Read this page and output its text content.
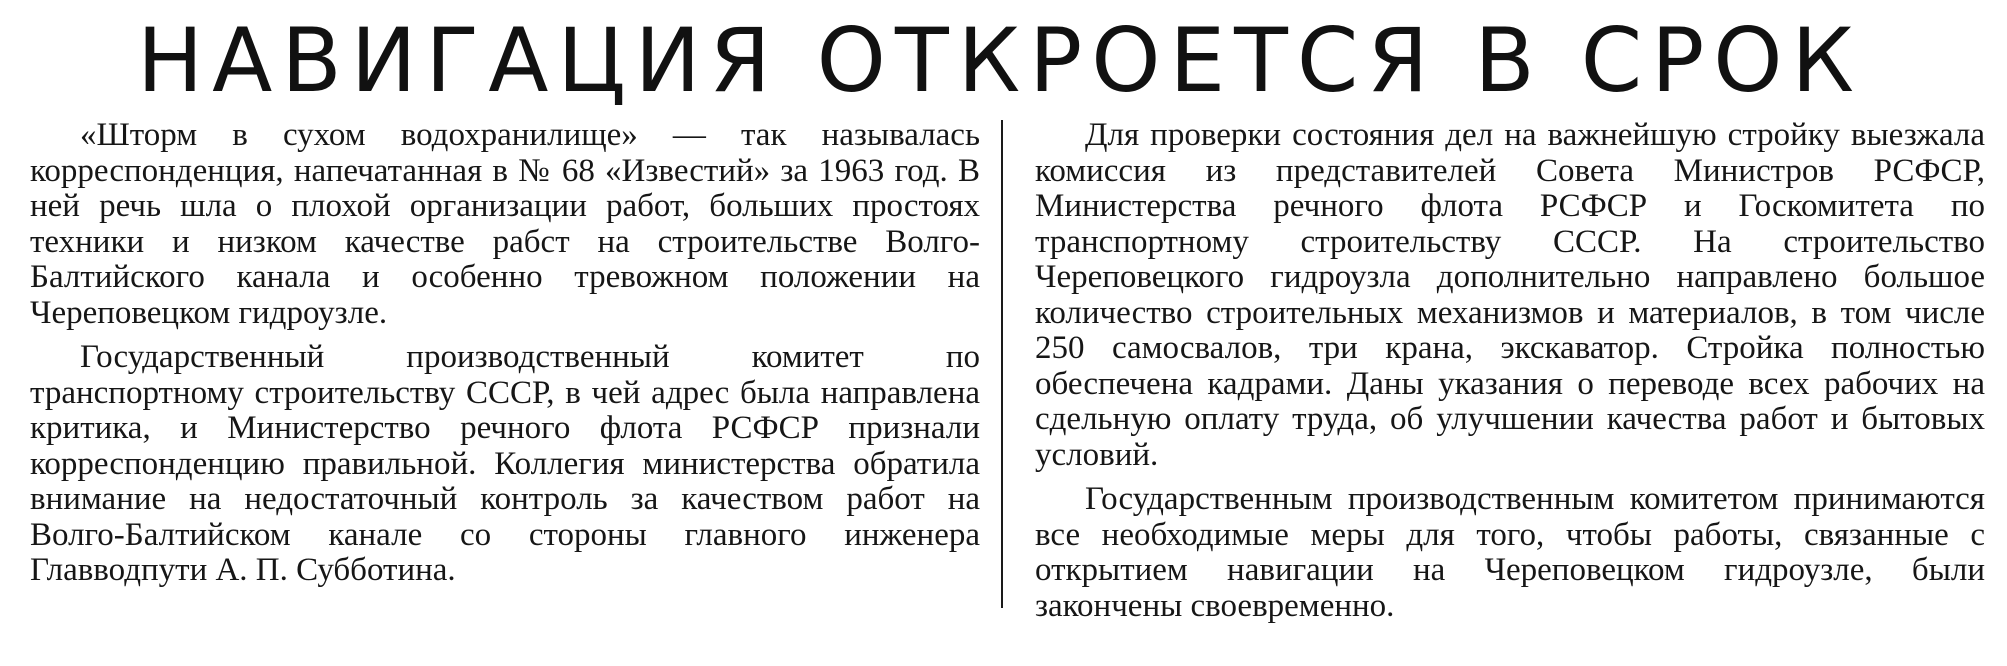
НАВИГАЦИЯ ОТКРОЕТСЯ В СРОК

«Шторм в сухом водохранилище» — так называлась корреспонденция, напечатанная в № 68 «Известий» за 1963 год. В ней речь шла о плохой организации работ, больших простоях техники и низком качестве рабст на строительстве Волго-Балтийского канала и особенно тревожном положении на Череповецком гидроузле.

Государственный производственный комитет по транспортному строительству СССР, в чей адрес была направлена критика, и Министерство речного флота РСФСР признали корреспонденцию правильной. Коллегия министерства обратила внимание на недостаточный контроль за качеством работ на Волго-Балтийском канале со стороны главного инженера Главводпути А. П. Субботина.

Для проверки состояния дел на важнейшую стройку выезжала комиссия из представителей Совета Министров РСФСР, Министерства речного флота РСФСР и Госкомитета по транспортному строительству СССР. На строительство Череповецкого гидроузла дополнительно направлено большое количество строительных механизмов и материалов, в том числе 250 самосвалов, три крана, экскаватор. Стройка полностью обеспечена кадрами. Даны указания о переводе всех рабочих на сдельную оплату труда, об улучшении качества работ и бытовых условий.

Государственным производственным комитетом принимаются все необходимые меры для того, чтобы работы, связанные с открытием навигации на Череповецком гидроузле, были закончены своевременно.
